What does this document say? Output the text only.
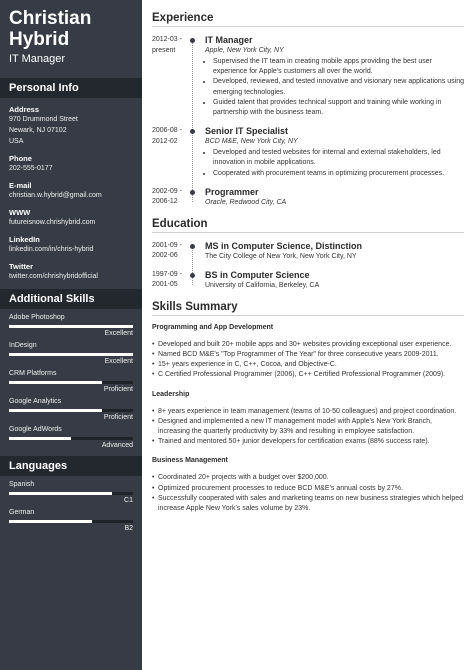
Christian
Hybrid
IT Manager
Personal Info
Address
970 Drummond Street
Newark, NJ 07102
USA
Phone
202-555-0177
E-mail
christian.w.hybrid@gmail.com
WWW
futureisnow.chrishybrid.com
LinkedIn
linkedin.com/in/chris-hybrid
Twitter
twitter.com/chrishybridofficial
Additional Skills
Adobe Photoshop
Excellent
InDesign
Excellent
CRM Platforms
Proficient
Google Analytics
Proficient
Google AdWords
Advanced
Languages
Spanish
C1
German
B2
Experience
2012-03 -
present
IT Manager
Apple, New York City, NY
• Supervised the IT team in creating mobile apps providing the best user experience for Apple's customers all over the world.
• Developed, reviewed, and tested innovative and visionary new applications using emerging technologies.
• Guided talent that provides technical support and training while working in partnership with the business team.
2006-08 -
2012-02
Senior IT Specialist
BCD M&E, New York City, NY
• Developed and tested websites for internal and external stakeholders, led innovation in mobile applications.
• Cooperated with procurement teams in optimizing procurement processes.
2002-09 -
2006-12
Programmer
Oracle, Redwood City, CA
Education
2001-09 -
2002-06
MS in Computer Science, Distinction
The City College of New York, New York City, NY
1997-09 -
2001-05
BS in Computer Science
University of California, Berkeley, CA
Skills Summary
Programming and App Development
• Developed and built 20+ mobile apps and 30+ websites providing exceptional user experience.
• Named BCD M&E's "Top Programmer of The Year" for three consecutive years 2009-2011.
• 15+ years experience in C, C++, Cocoa, and Objective-C.
• C Certified Professional Programmer (2006), C++ Certified Professional Programmer (2009).
Leadership
• 8+ years experience in team management (teams of 10-50 colleagues) and project coordination.
• Designed and implemented a new IT management model with Apple's New York Branch, increasing the quarterly productivity by 33% and resulting in employee satisfaction.
• Trained and mentored 50+ junior developers for certification exams (88% success rate).
Business Management
• Coordinated 20+ projects with a budget over $200,000.
• Optimized procurement processes to reduce BCD M&E's annual costs by 27%.
• Successfully cooperated with sales and marketing teams on new business strategies which helped increase Apple New York's sales volume by 23%.
